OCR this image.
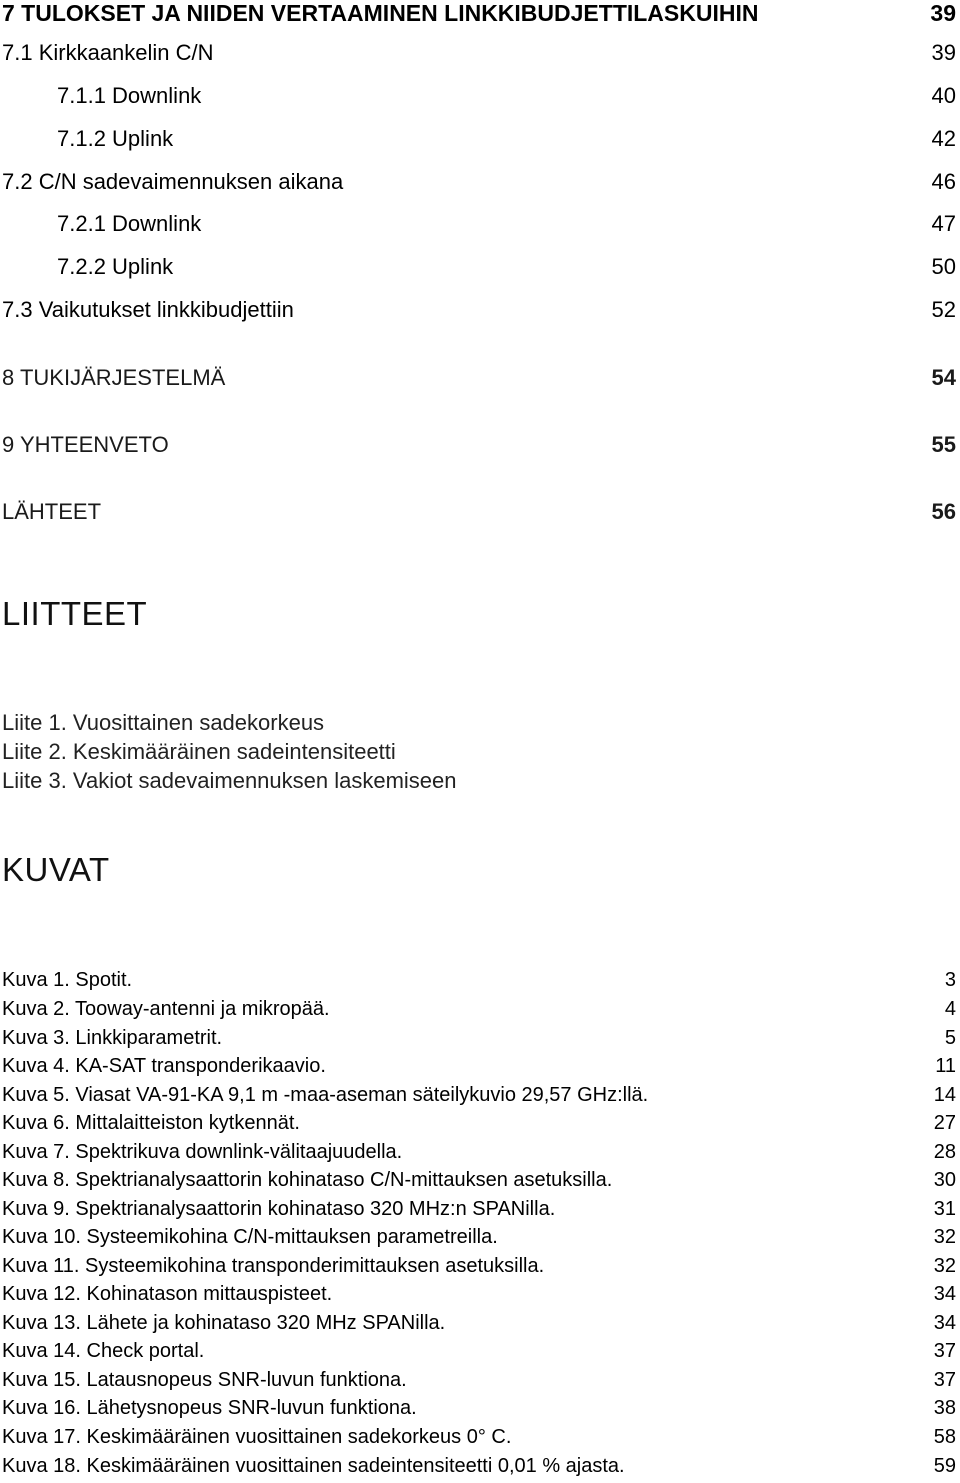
7 TULOKSET JA NIIDEN VERTAAMINEN LINKKIBUDJETTILASKUIHIN	39
7.1 Kirkkaankelin C/N	39
7.1.1 Downlink	40
7.1.2 Uplink	42
7.2 C/N sadevaimennuksen aikana	46
7.2.1 Downlink	47
7.2.2 Uplink	50
7.3 Vaikutukset linkkibudjettiin	52
8 TUKIJÄRJESTELMÄ	54
9 YHTEENVETO	55
LÄHTEET	56
LIITTEET
Liite 1. Vuosittainen sadekorkeus
Liite 2. Keskimääräinen sadeintensiteetti
Liite 3. Vakiot sadevaimennuksen laskemiseen
KUVAT
Kuva 1. Spotit.	3
Kuva 2. Tooway-antenni ja mikropää.	4
Kuva 3. Linkkiparametrit.	5
Kuva 4. KA-SAT transponderikaavio.	11
Kuva 5. Viasat VA-91-KA 9,1 m -maa-aseman säteilykuvio 29,57 GHz:llä.	14
Kuva 6. Mittalaitteiston kytkennät.	27
Kuva 7. Spektrikuva downlink-välitaajuudella.	28
Kuva 8. Spektrianalysaattorin kohinataso C/N-mittauksen asetuksilla.	30
Kuva 9. Spektrianalysaattorin kohinataso 320 MHz:n SPANilla.	31
Kuva 10. Systeemikohina C/N-mittauksen parametreilla.	32
Kuva 11. Systeemikohina transponderimittauksen asetuksilla.	32
Kuva 12. Kohinatason mittauspisteet.	34
Kuva 13. Lähete ja kohinataso 320 MHz SPANilla.	34
Kuva 14. Check portal.	37
Kuva 15. Latausnopeus SNR-luvun funktiona.	37
Kuva 16. Lähetysnopeus SNR-luvun funktiona.	38
Kuva 17. Keskimääräinen vuosittainen sadekorkeus 0° C.	58
Kuva 18. Keskimääräinen vuosittainen sadeintensiteetti 0,01 % ajasta.	59
